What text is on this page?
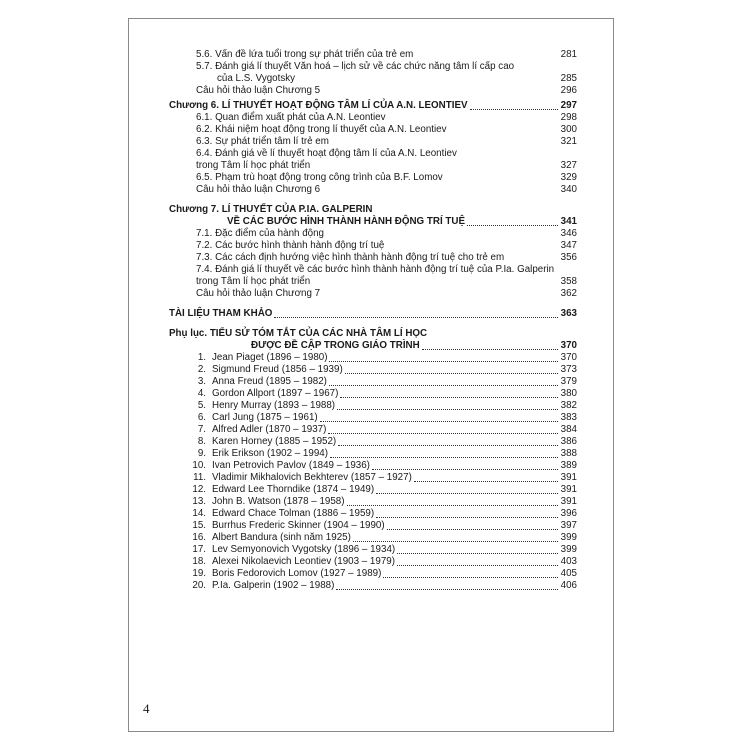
5.6. Vấn đề lứa tuổi trong sự phát triển của trẻ em	281
5.7. Đánh giá lí thuyết Văn hoá – lịch sử về các chức năng tâm lí cấp cao
của L.S. Vygotsky	285
Câu hỏi thảo luận Chương 5	296
Chương 6. LÍ THUYẾT HOẠT ĐỘNG TÂM LÍ CỦA A.N. LEONTIEV	297
6.1. Quan điểm xuất phát của A.N. Leontiev	298
6.2. Khái niệm hoạt động trong lí thuyết của A.N. Leontiev	300
6.3. Sự phát triển tâm lí trẻ em	321
6.4. Đánh giá về lí thuyết hoạt động tâm lí của A.N. Leontiev
trong Tâm lí học phát triển	327
6.5. Phạm trù hoạt động trong công trình của B.F. Lomov	329
Câu hỏi thảo luận Chương 6	340
Chương 7. LÍ THUYẾT CỦA P.IA. GALPERIN
VỀ CÁC BƯỚC HÌNH THÀNH HÀNH ĐỘNG TRÍ TUỆ	341
7.1. Đặc điểm của hành động	346
7.2. Các bước hình thành hành động trí tuệ	347
7.3. Các cách định hướng việc hình thành hành động trí tuệ cho trẻ em	356
7.4. Đánh giá lí thuyết về các bước hình thành hành động trí tuệ của P.Ia. Galperin
trong Tâm lí học phát triển	358
Câu hỏi thảo luận Chương 7	362
TÀI LIỆU THAM KHẢO	363
Phụ lục. TIỂU SỬ TÓM TẮT CỦA CÁC NHÀ TÂM LÍ HỌC
ĐƯỢC ĐỀ CẬP TRONG GIÁO TRÌNH	370
1. Jean Piaget (1896 – 1980)	370
2. Sigmund Freud (1856 – 1939)	373
3. Anna Freud (1895 – 1982)	379
4. Gordon Allport (1897 – 1967)	380
5. Henry Murray (1893 – 1988)	382
6. Carl Jung (1875 – 1961)	383
7. Alfred Adler (1870 – 1937)	384
8. Karen Horney (1885 – 1952)	386
9. Erik Erikson (1902 – 1994)	388
10. Ivan Petrovich Pavlov (1849 – 1936)	389
11. Vladimir Mikhalovich Bekhterev (1857 – 1927)	391
12. Edward Lee Thorndike (1874 – 1949)	391
13. John B. Watson (1878 – 1958)	391
14. Edward Chace Tolman (1886 – 1959)	396
15. Burrhus Frederic Skinner (1904 – 1990)	397
16. Albert Bandura (sinh năm 1925)	399
17. Lev Semyonovich Vygotsky (1896 – 1934)	399
18. Alexei Nikolaevich Leontiev (1903 – 1979)	403
19. Boris Fedorovich Lomov (1927 – 1989)	405
20. P.Ia. Galperin (1902 – 1988)	406
4
